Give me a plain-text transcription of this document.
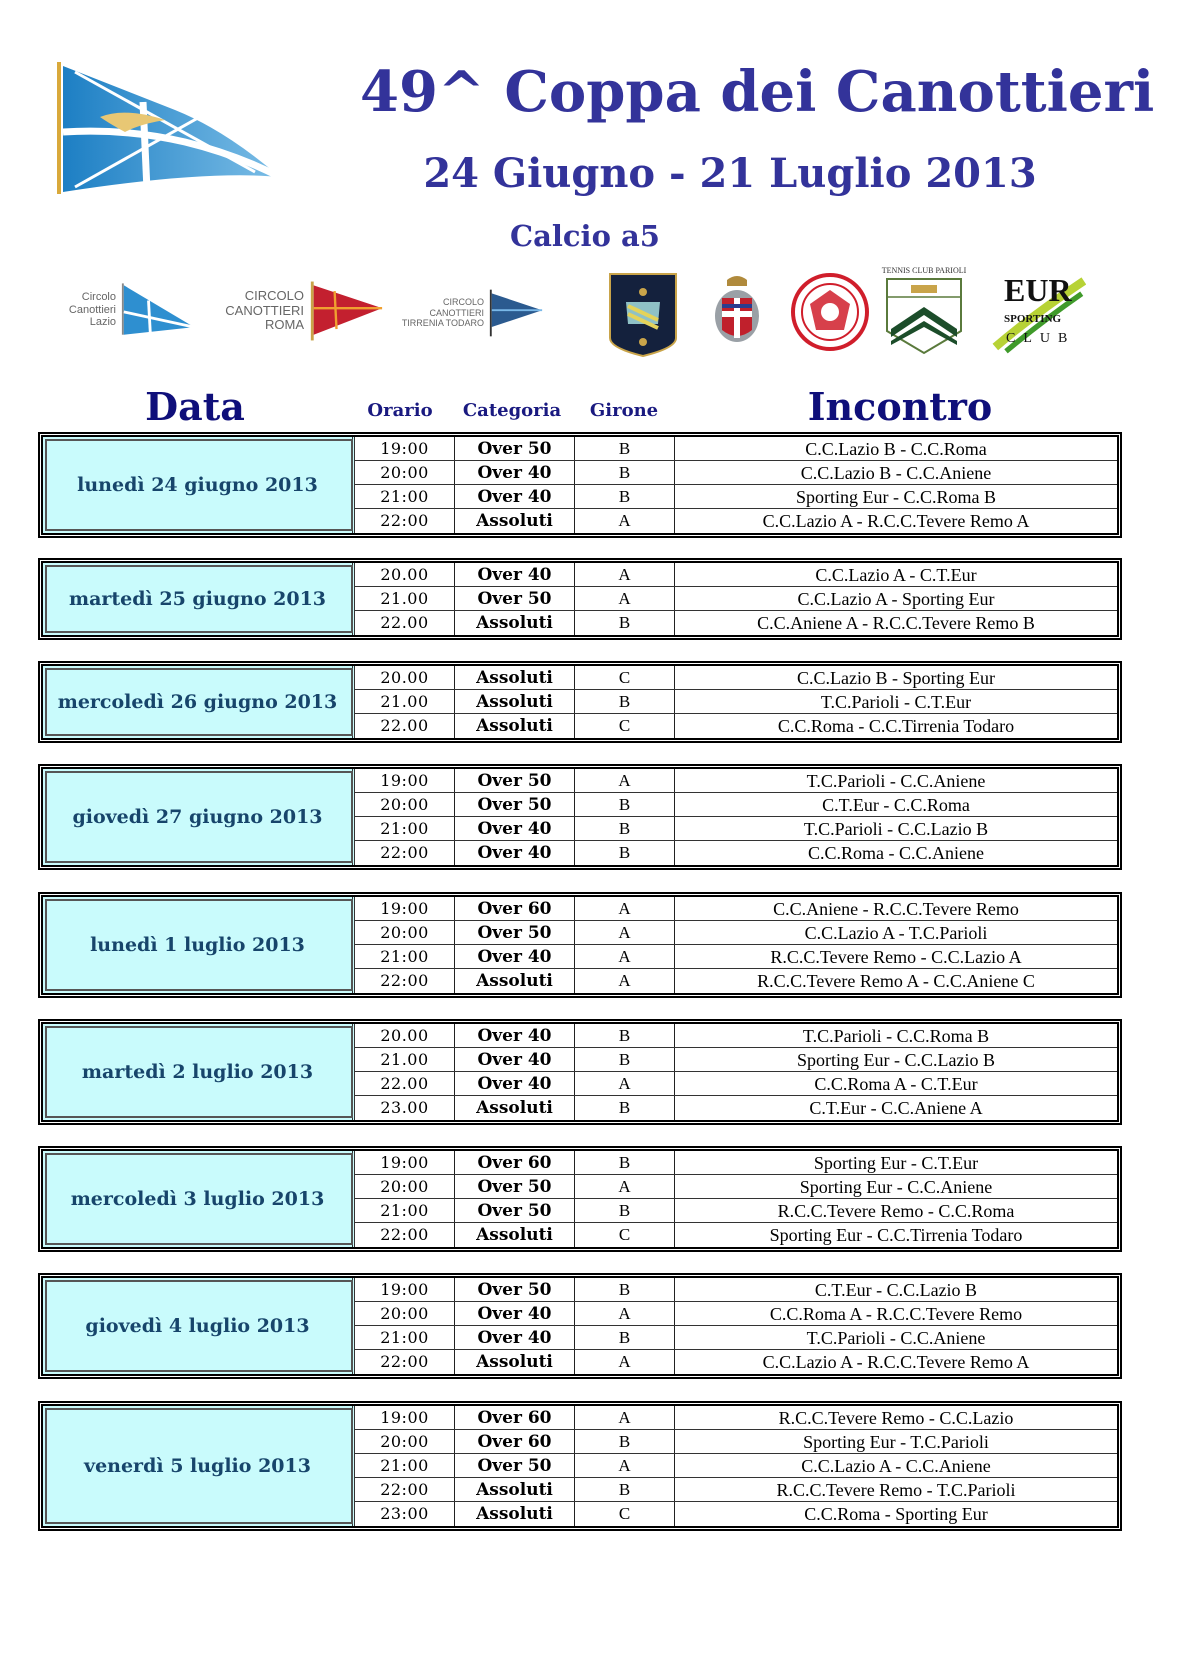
49^ Coppa dei Canottieri
24 Giugno - 21 Luglio 2013
Calcio a5
Circolo
Canottieri
Lazio
CIRCOLO
CANOTTIERI
ROMA
CIRCOLO
CANOTTIERI
TIRRENIA TODARO
TENNIS CLUB PARIOLI
EUR
SPORTING
CLUB
Data	Orario	Categoria	Girone	Incontro
lunedì 24 giugno 2013
19:00	Over 50	B	C.C.Lazio B - C.C.Roma
20:00	Over 40	B	C.C.Lazio B - C.C.Aniene
21:00	Over 40	B	Sporting Eur - C.C.Roma B
22:00	Assoluti	A	C.C.Lazio A - R.C.C.Tevere Remo A
martedì 25 giugno 2013
20.00	Over 40	A	C.C.Lazio A - C.T.Eur
21.00	Over 50	A	C.C.Lazio A - Sporting Eur
22.00	Assoluti	B	C.C.Aniene A - R.C.C.Tevere Remo B
mercoledì 26 giugno 2013
20.00	Assoluti	C	C.C.Lazio B - Sporting Eur
21.00	Assoluti	B	T.C.Parioli - C.T.Eur
22.00	Assoluti	C	C.C.Roma - C.C.Tirrenia Todaro
giovedì 27 giugno 2013
19:00	Over 50	A	T.C.Parioli - C.C.Aniene
20:00	Over 50	B	C.T.Eur - C.C.Roma
21:00	Over 40	B	T.C.Parioli - C.C.Lazio B
22:00	Over 40	B	C.C.Roma - C.C.Aniene
lunedì 1 luglio 2013
19:00	Over 60	A	C.C.Aniene - R.C.C.Tevere Remo
20:00	Over 50	A	C.C.Lazio A - T.C.Parioli
21:00	Over 40	A	R.C.C.Tevere Remo - C.C.Lazio A
22:00	Assoluti	A	R.C.C.Tevere Remo A - C.C.Aniene C
martedì 2 luglio 2013
20.00	Over 40	B	T.C.Parioli - C.C.Roma B
21.00	Over 40	B	Sporting Eur - C.C.Lazio B
22.00	Over 40	A	C.C.Roma A - C.T.Eur
23.00	Assoluti	B	C.T.Eur - C.C.Aniene A
mercoledì 3 luglio 2013
19:00	Over 60	B	Sporting Eur - C.T.Eur
20:00	Over 50	A	Sporting Eur - C.C.Aniene
21:00	Over 50	B	R.C.C.Tevere Remo - C.C.Roma
22:00	Assoluti	C	Sporting Eur - C.C.Tirrenia Todaro
giovedì 4 luglio 2013
19:00	Over 50	B	C.T.Eur - C.C.Lazio B
20:00	Over 40	A	C.C.Roma A - R.C.C.Tevere Remo
21:00	Over 40	B	T.C.Parioli - C.C.Aniene
22:00	Assoluti	A	C.C.Lazio A - R.C.C.Tevere Remo A
venerdì 5 luglio 2013
19:00	Over 60	A	R.C.C.Tevere Remo - C.C.Lazio
20:00	Over 60	B	Sporting Eur - T.C.Parioli
21:00	Over 50	A	C.C.Lazio A - C.C.Aniene
22:00	Assoluti	B	R.C.C.Tevere Remo - T.C.Parioli
23:00	Assoluti	C	C.C.Roma - Sporting Eur
